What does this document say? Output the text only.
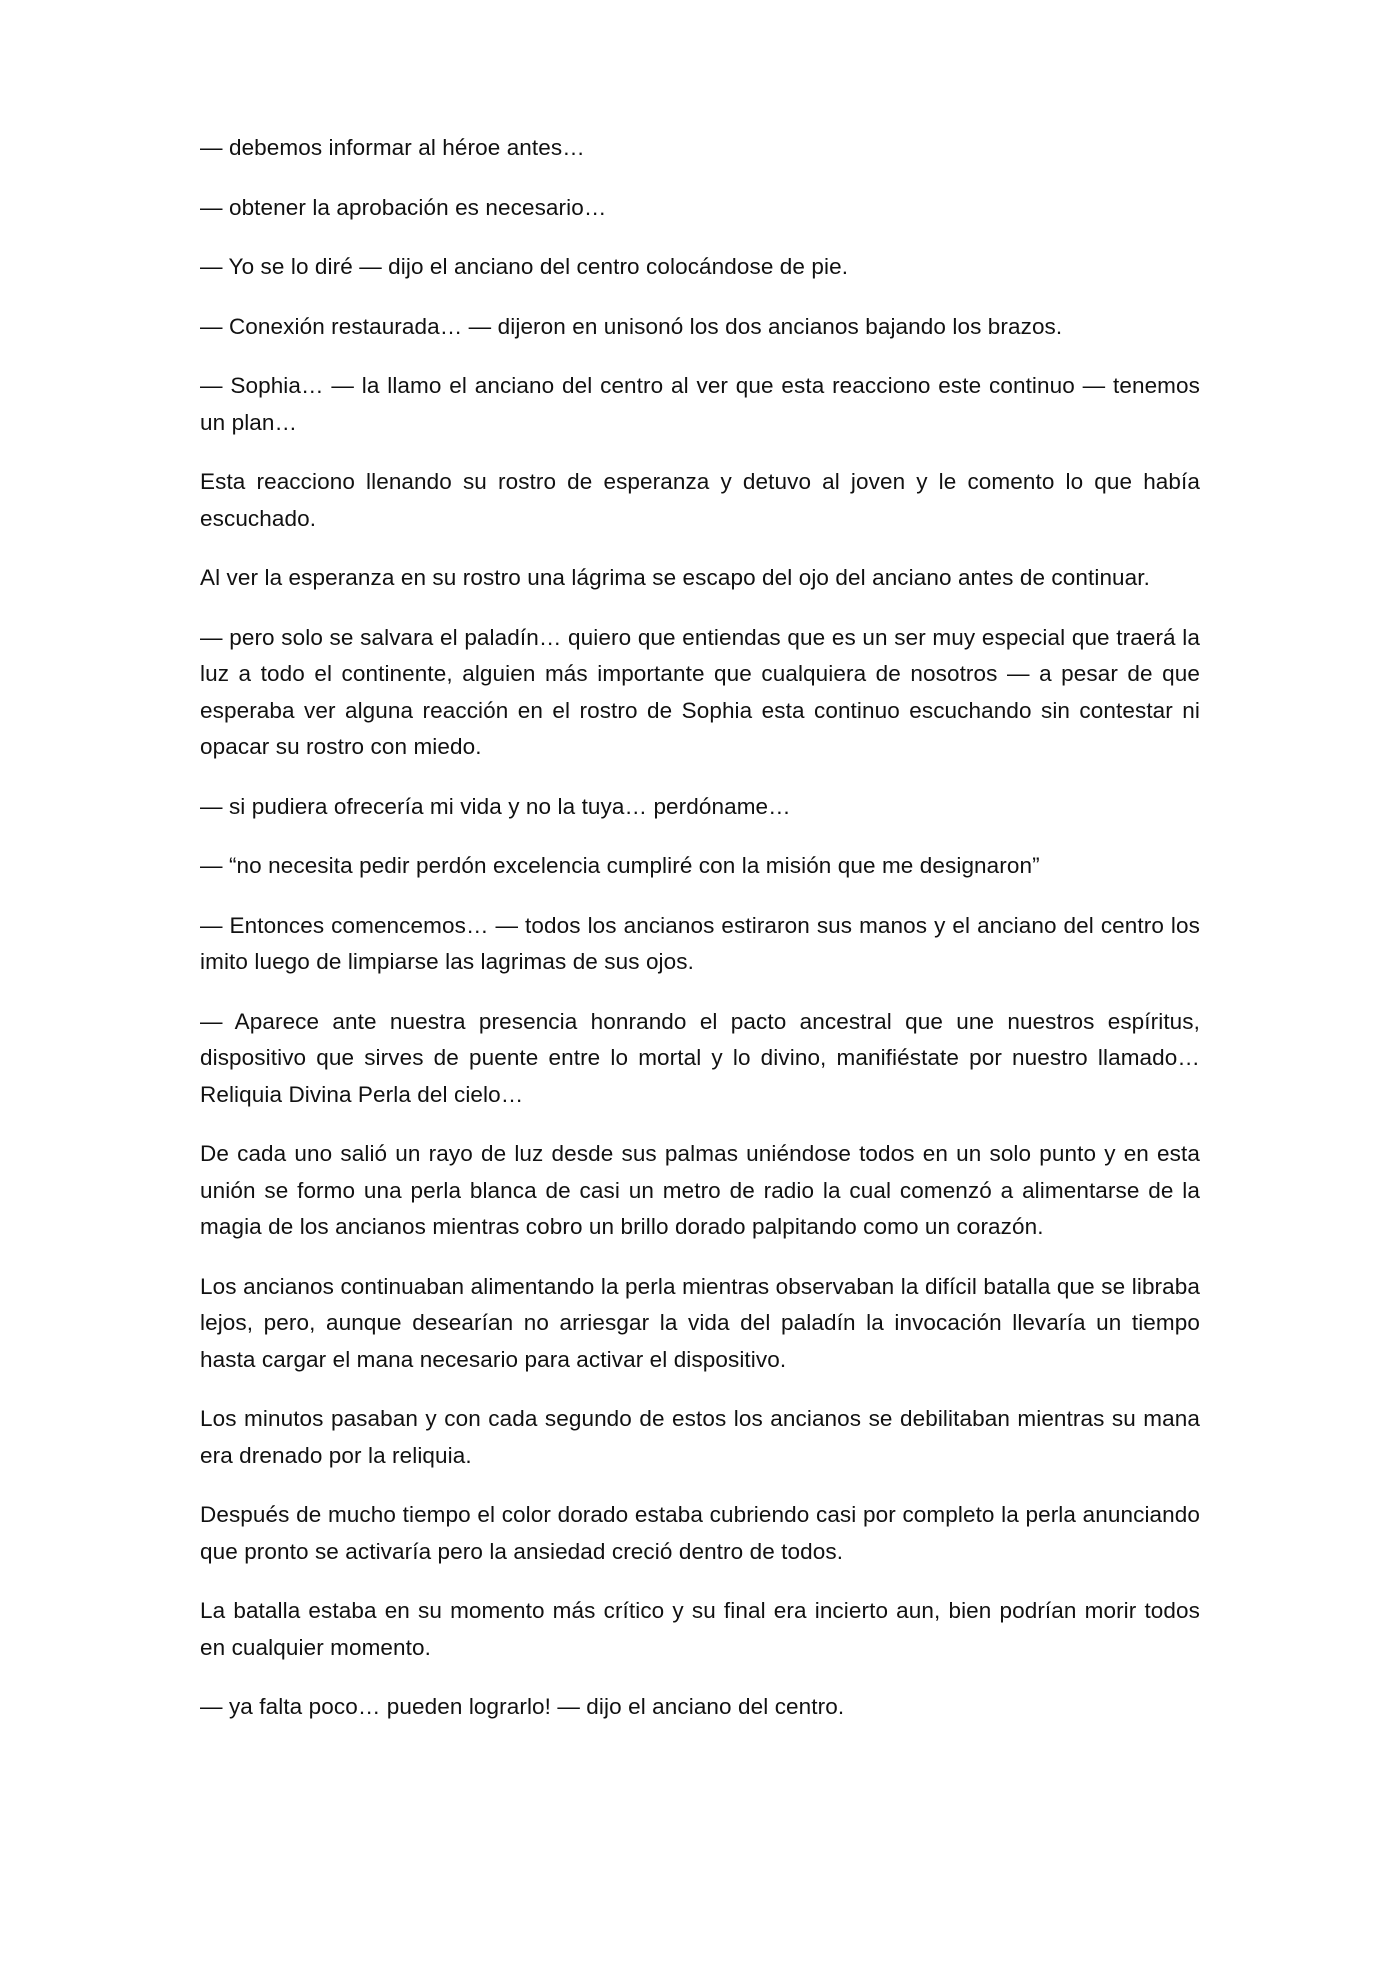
— debemos informar al héroe antes…

— obtener la aprobación es necesario…

— Yo se lo diré — dijo el anciano del centro colocándose de pie.

— Conexión restaurada… — dijeron en unisonó los dos ancianos bajando los brazos.

— Sophia… — la llamo el anciano del centro al ver que esta reacciono este continuo — tenemos un plan…

Esta reacciono llenando su rostro de esperanza y detuvo al joven y le comento lo que había escuchado.

Al ver la esperanza en su rostro una lágrima se escapo del ojo del anciano antes de continuar.

— pero solo se salvara el paladín… quiero que entiendas que es un ser muy especial que traerá la luz a todo el continente, alguien más importante que cualquiera de nosotros — a pesar de que esperaba ver alguna reacción en el rostro de Sophia esta continuo escuchando sin contestar ni opacar su rostro con miedo.

— si pudiera ofrecería mi vida y no la tuya… perdóname…

— “no necesita pedir perdón excelencia cumpliré con la misión que me designaron”

— Entonces comencemos… — todos los ancianos estiraron sus manos y el anciano del centro los imito luego de limpiarse las lagrimas de sus ojos.

— Aparece ante nuestra presencia honrando el pacto ancestral que une nuestros espíritus, dispositivo que sirves de puente entre lo mortal y lo divino, manifiéstate por nuestro llamado… Reliquia Divina Perla del cielo…

De cada uno salió un rayo de luz desde sus palmas uniéndose todos en un solo punto y en esta unión se formo una perla blanca de casi un metro de radio la cual comenzó a alimentarse de la magia de los ancianos mientras cobro un brillo dorado palpitando como un corazón.

Los ancianos continuaban alimentando la perla mientras observaban la difícil batalla que se libraba lejos, pero, aunque desearían no arriesgar la vida del paladín la invocación llevaría un tiempo hasta cargar el mana necesario para activar el dispositivo.

Los minutos pasaban y con cada segundo de estos los ancianos se debilitaban mientras su mana era drenado por la reliquia.

Después de mucho tiempo el color dorado estaba cubriendo casi por completo la perla anunciando que pronto se activaría pero la ansiedad creció dentro de todos.

La batalla estaba en su momento más crítico y su final era incierto aun, bien podrían morir todos en cualquier momento.

— ya falta poco… pueden lograrlo! — dijo el anciano del centro.
